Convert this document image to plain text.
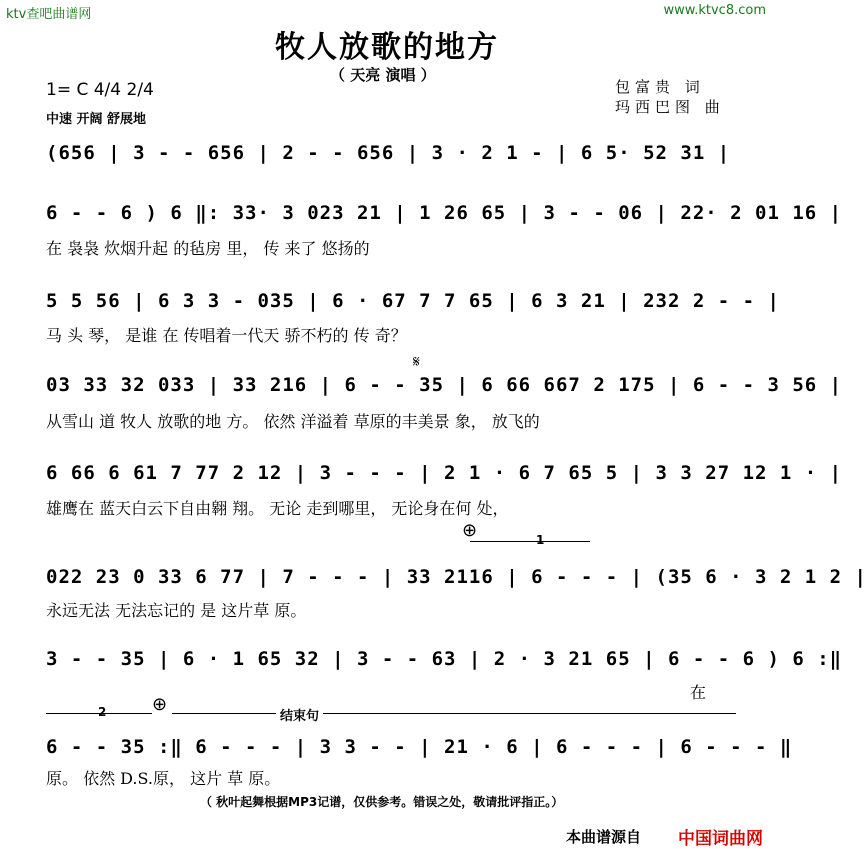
ktv查吧曲谱网	www.ktvc8.com
牧人放歌的地方
（ 天亮 演唱 ）
包富贵 词
玛西巴图 曲
1= C 4/4 2/4
中速 开阔 舒展地
(656 | 3 - - 656 | 2 - - 656 | 3 · 2 1 - | 6 5· 52 31 |
6 - - 6 ) 6 ‖: 33· 3 023 21 | 1 26 65 | 3 - - 06 | 22· 2 01 16 |
在 袅袅 炊烟升起 的毡房 里， 传 来了 悠扬的
5 5 56 | 6 3 3 - 035 | 6 · 67 7 7 65 | 6 3 21 | 232 2 - - |
马 头 琴， 是谁 在 传唱着一代天 骄不朽的 传 奇？
𝄋
03 33 32 033 | 33 216 | 6 - - 35 | 6 66 667 2 175 | 6 - - 3 56 |
从雪山 道 牧人 放歌的地 方。 依然 洋溢着 草原的丰美景 象， 放飞的
6 66 6 61 7 77 2 12 | 3 - - - | 2 1 · 6 7 65 5 | 3 3 27 12 1 · |
雄鹰在 蓝天白云下自由翱 翔。 无论 走到哪里， 无论身在何 处，
⊕	1
022 23 0 33 6 77 | 7 - - - | 33 2116 | 6 - - - | (35 6 · 3 2 1 2 |
永远无法 无法忘记的 是 这片草 原。
3 - - 35 | 6 · 1 65 32 | 3 - - 63 | 2 · 3 21 65 | 6 - - 6 ) 6 :‖
在
2	⊕
结束句
6 - - 35 :‖ 6 - - - | 3 3 - - | 21 · 6 | 6 - - - | 6 - - - ‖
原。 依然 D.S.原， 这片 草 原。
（ 秋叶起舞根据MP3记谱，仅供参考。错误之处，敬请批评指正。）
本曲谱源自 中国词曲网
